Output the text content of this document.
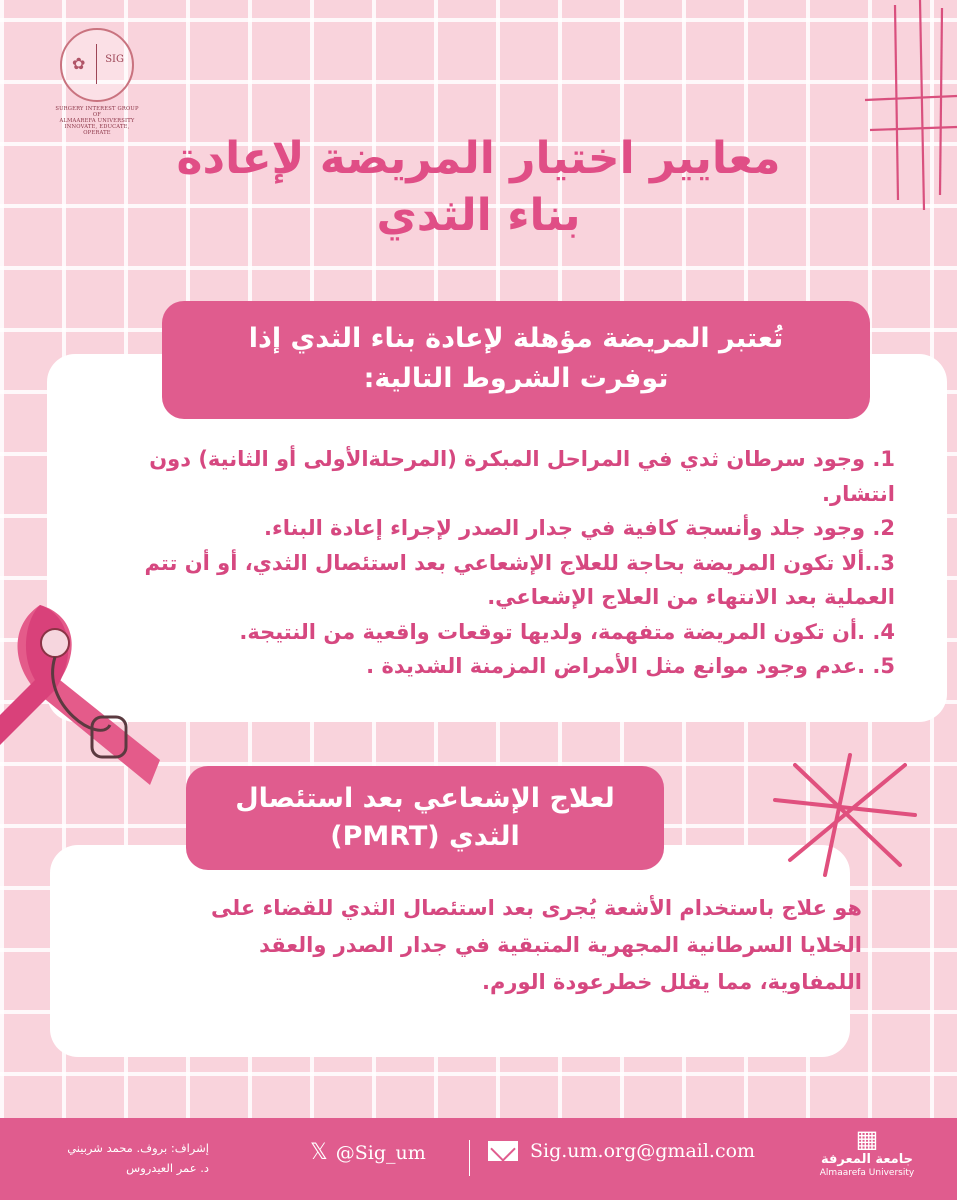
✿ SIG
SURGERY INTEREST GROUP OF
ALMAAREFA UNIVERSITY
INNOVATE, EDUCATE, OPERATE	معايير اختيار المريضة لإعادة
بناء الثدي
تُعتبر المريضة مؤهلة لإعادة بناء الثدي إذا
توفرت الشروط التالية:
1. وجود سرطان ثدي في المراحل المبكرة (المرحلةالأولى أو الثانية) دون انتشار.
2. وجود جلد وأنسجة كافية في جدار الصدر لإجراء إعادة البناء.
3..ألا تكون المريضة بحاجة للعلاج الإشعاعي بعد استئصال الثدي، أو أن تتم العملية بعد الانتهاء من العلاج الإشعاعي.
4. .أن تكون المريضة متفهمة، ولديها توقعات واقعية من النتيجة.
5. .عدم وجود موانع مثل الأمراض المزمنة الشديدة .
لعلاج الإشعاعي بعد استئصال
الثدي (PMRT)
هو علاج باستخدام الأشعة يُجرى بعد استئصال الثدي للقضاء على الخلايا السرطانية المجهرية المتبقية في جدار الصدر والعقد اللمفاوية، مما يقلل خطرعودة الورم.
إشراف: بروف. محمد شربيني
د. عمر العيدروس
𝕏 @Sig_um	Sig.um.org@gmail.com	▦
جامعة المعرفة
Almaarefa University
